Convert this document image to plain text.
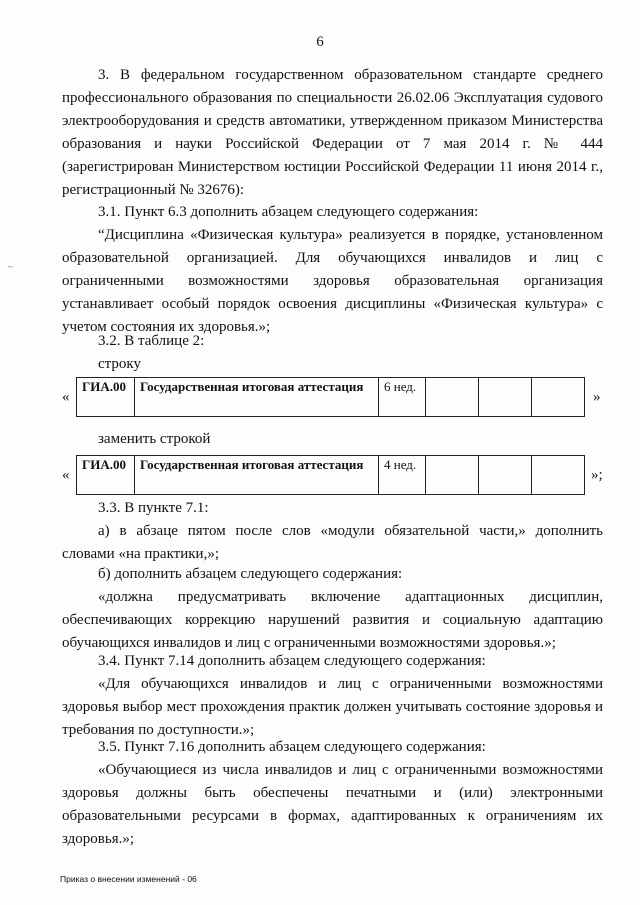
6
~

3. В федеральном государственном образовательном стандарте среднего профессионального образования по специальности 26.02.06 Эксплуатация судового электрооборудования и средств автоматики, утвержденном приказом Министерства образования и науки Российской Федерации от 7 мая 2014 г. № 444 (зарегистрирован Министерством юстиции Российской Федерации 11 июня 2014 г., регистрационный № 32676):

3.1. Пункт 6.3 дополнить абзацем следующего содержания:

“Дисциплина «Физическая культура» реализуется в порядке, установленном образовательной организацией. Для обучающихся инвалидов и лиц с ограниченными возможностями здоровья образовательная организация устанавливает особый порядок освоения дисциплины «Физическая культура» с учетом состояния их здоровья.»;

3.2. В таблице 2:

строку

«
ГИА.00	Государственная итоговая аттестация	6 нед.			
»

заменить строкой

«
ГИА.00	Государственная итоговая аттестация	4 нед.			
»;

3.3. В пункте 7.1:

а) в абзаце пятом после слов «модули обязательной части,» дополнить словами «на практики,»;

б) дополнить абзацем следующего содержания:

«должна предусматривать включение адаптационных дисциплин, обеспечивающих коррекцию нарушений развития и социальную адаптацию обучающихся инвалидов и лиц с ограниченными возможностями здоровья.»;

3.4. Пункт 7.14 дополнить абзацем следующего содержания:

«Для обучающихся инвалидов и лиц с ограниченными возможностями здоровья выбор мест прохождения практик должен учитывать состояние здоровья и требования по доступности.»;

3.5. Пункт 7.16 дополнить абзацем следующего содержания:

«Обучающиеся из числа инвалидов и лиц с ограниченными возможностями здоровья должны быть обеспечены печатными и (или) электронными образовательными ресурсами в формах, адаптированных к ограничениям их здоровья.»;

Приказ о внесении изменений - 06
